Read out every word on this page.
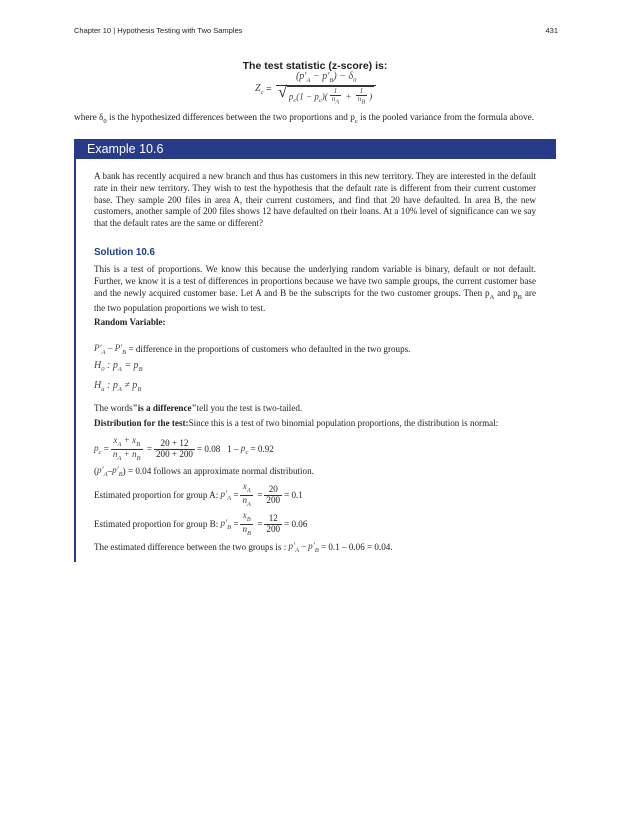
Chapter 10 | Hypothesis Testing with Two Samples	431
The test statistic (z-score) is:
$Z_c = \frac{(p'_A - p'_B) - \delta_0}{√ p_c(1 - p_c)( \frac{1}{n_A} + \frac{1}{n_B} )}$
where $\delta_0$ is the hypothesized differences between the two proportions and $p_c$ is the pooled variance from the formula above.
Example 10.6
A bank has recently acquired a new branch and thus has customers in this new territory. They are interested in the default rate in their new territory. They wish to test the hypothesis that the default rate is different from their current customer base. They sample 200 files in area A, their current customers, and find that 20 have defaulted. In area B, the new customers, another sample of 200 files shows 12 have defaulted on their loans. At a 10% level of significance can we say that the default rates are the same or different?
Solution 10.6
This is a test of proportions. We know this because the underlying random variable is binary, default or not default. Further, we know it is a test of differences in proportions because we have two sample groups, the current customer base and the newly acquired customer base. Let A and B be the subscripts for the two customer groups. Then $p_A$ and $p_B$ are the two population proportions we wish to test.
Random Variable:
$P'_A - P'_B$
= difference in the proportions of customers who defaulted in the two groups.
$H_0$ : $p_A = p_B$
$H_a$ : $p_A \ne p_B$
The words "is a difference" tell you the test is two-tailed.
Distribution for the test: Since this is a test of two binomial population proportions, the distribution is normal:
$p_c = \frac{x_A + x_B}{n_A + n_B} = \frac{20 + 12}{200 + 200} = 0.08$
1 –
$p_c$
= 0.92
( $p'_A - p'_B$ ) = 0.04 follows an approximate normal distribution.
Estimated proportion for group A:
$p'_A = \frac{x_A}{n_A} = \frac{20}{200} = 0.1$
Estimated proportion for group B:
$p'_B = \frac{x_B}{n_B} = \frac{12}{200} = 0.06$
The estimated difference between the two groups is :
$p'_A - p'_B$
= 0.1 – 0.06 = 0.04.
